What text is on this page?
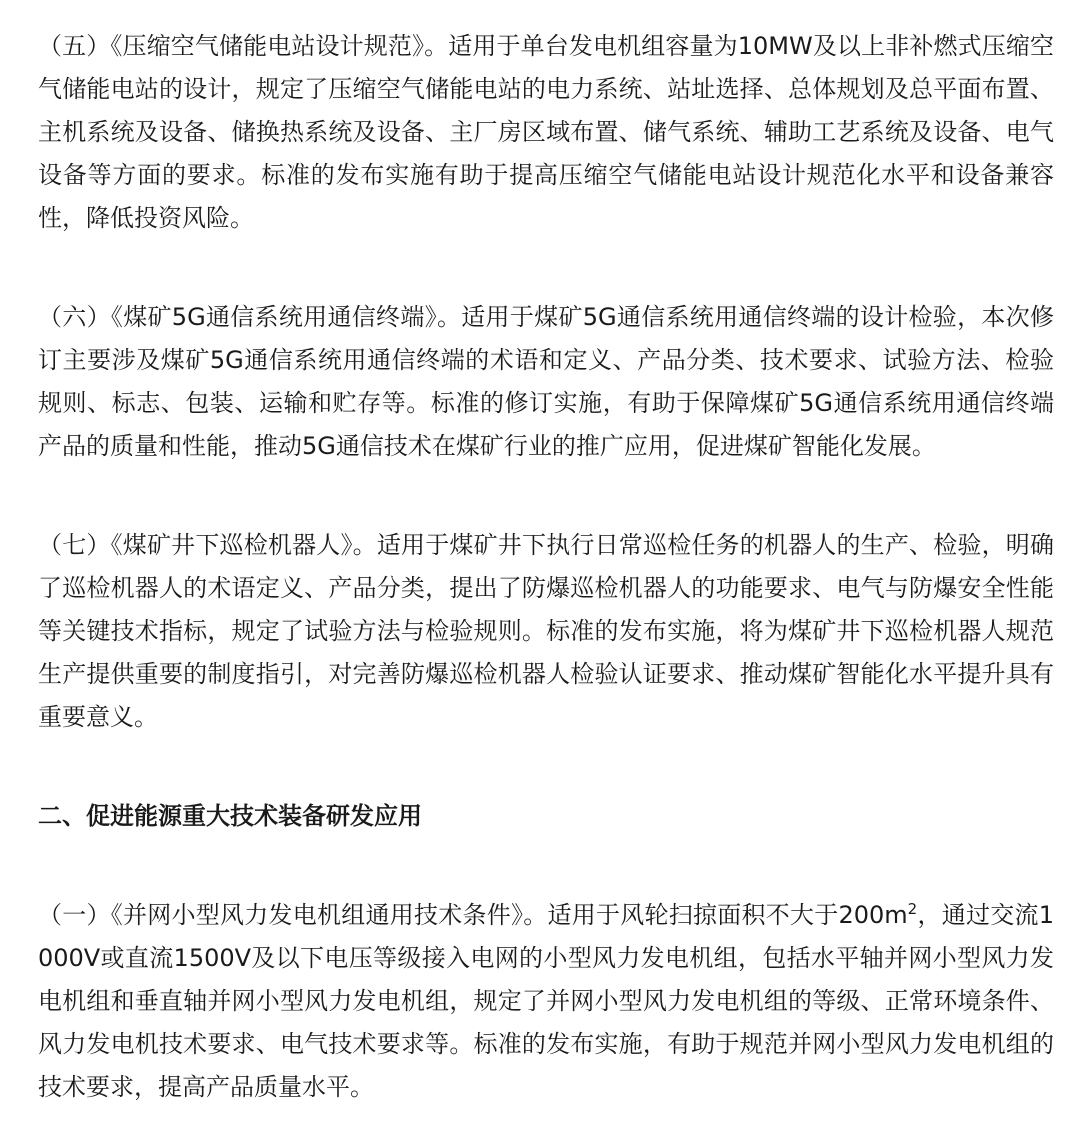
（五）《压缩空气储能电站设计规范》。适用于单台发电机组容量为10MW及以上非补燃式压缩空气储能电站的设计，规定了压缩空气储能电站的电力系统、站址选择、总体规划及总平面布置、主机系统及设备、储换热系统及设备、主厂房区域布置、储气系统、辅助工艺系统及设备、电气设备等方面的要求。标准的发布实施有助于提高压缩空气储能电站设计规范化水平和设备兼容性，降低投资风险。

（六）《煤矿5G通信系统用通信终端》。适用于煤矿5G通信系统用通信终端的设计检验，本次修订主要涉及煤矿5G通信系统用通信终端的术语和定义、产品分类、技术要求、试验方法、检验规则、标志、包装、运输和贮存等。标准的修订实施，有助于保障煤矿5G通信系统用通信终端产品的质量和性能，推动5G通信技术在煤矿行业的推广应用，促进煤矿智能化发展。

（七）《煤矿井下巡检机器人》。适用于煤矿井下执行日常巡检任务的机器人的生产、检验，明确了巡检机器人的术语定义、产品分类，提出了防爆巡检机器人的功能要求、电气与防爆安全性能等关键技术指标，规定了试验方法与检验规则。标准的发布实施，将为煤矿井下巡检机器人规范生产提供重要的制度指引，对完善防爆巡检机器人检验认证要求、推动煤矿智能化水平提升具有重要意义。

二、促进能源重大技术装备研发应用

（一）《并网小型风力发电机组通用技术条件》。适用于风轮扫掠面积不大于$200m^2$，通过交流1000V或直流1500V及以下电压等级接入电网的小型风力发电机组，包括水平轴并网小型风力发电机组和垂直轴并网小型风力发电机组，规定了并网小型风力发电机组的等级、正常环境条件、风力发电机技术要求、电气技术要求等。标准的发布实施，有助于规范并网小型风力发电机组的技术要求，提高产品质量水平。
